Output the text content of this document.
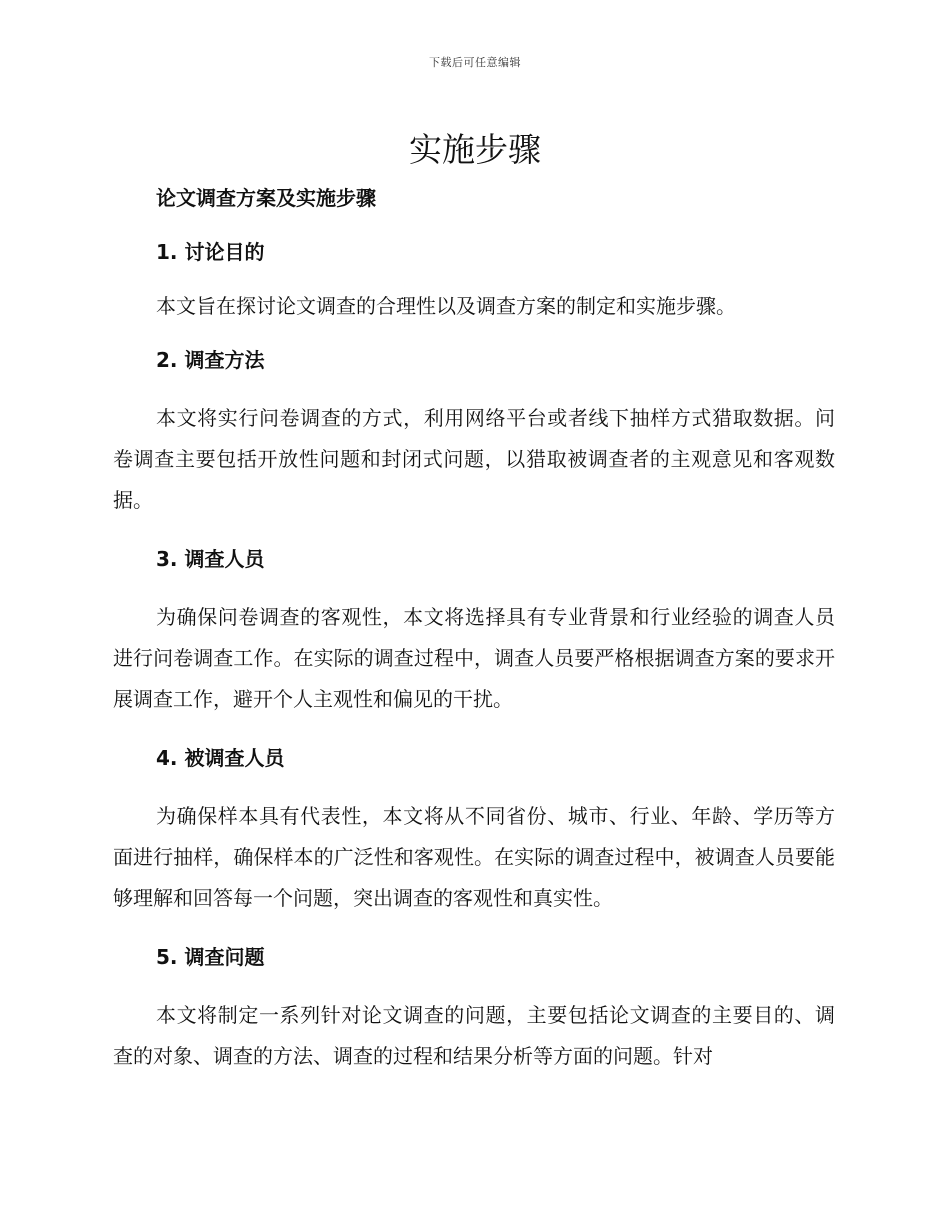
下载后可任意编辑
实施步骤

论文调查方案及实施步骤

1. 讨论目的

本文旨在探讨论文调查的合理性以及调查方案的制定和实施步骤。

2. 调查方法

本文将实行问卷调查的方式，利用网络平台或者线下抽样方式猎取数据。问卷调查主要包括开放性问题和封闭式问题，以猎取被调查者的主观意见和客观数据。

3. 调查人员

为确保问卷调查的客观性，本文将选择具有专业背景和行业经验的调查人员进行问卷调查工作。在实际的调查过程中，调查人员要严格根据调查方案的要求开展调查工作，避开个人主观性和偏见的干扰。

4. 被调查人员

为确保样本具有代表性，本文将从不同省份、城市、行业、年龄、学历等方面进行抽样，确保样本的广泛性和客观性。在实际的调查过程中，被调查人员要能够理解和回答每一个问题，突出调查的客观性和真实性。

5. 调查问题

本文将制定一系列针对论文调查的问题，主要包括论文调查的主要目的、调查的对象、调查的方法、调查的过程和结果分析等方面的问题。针对
